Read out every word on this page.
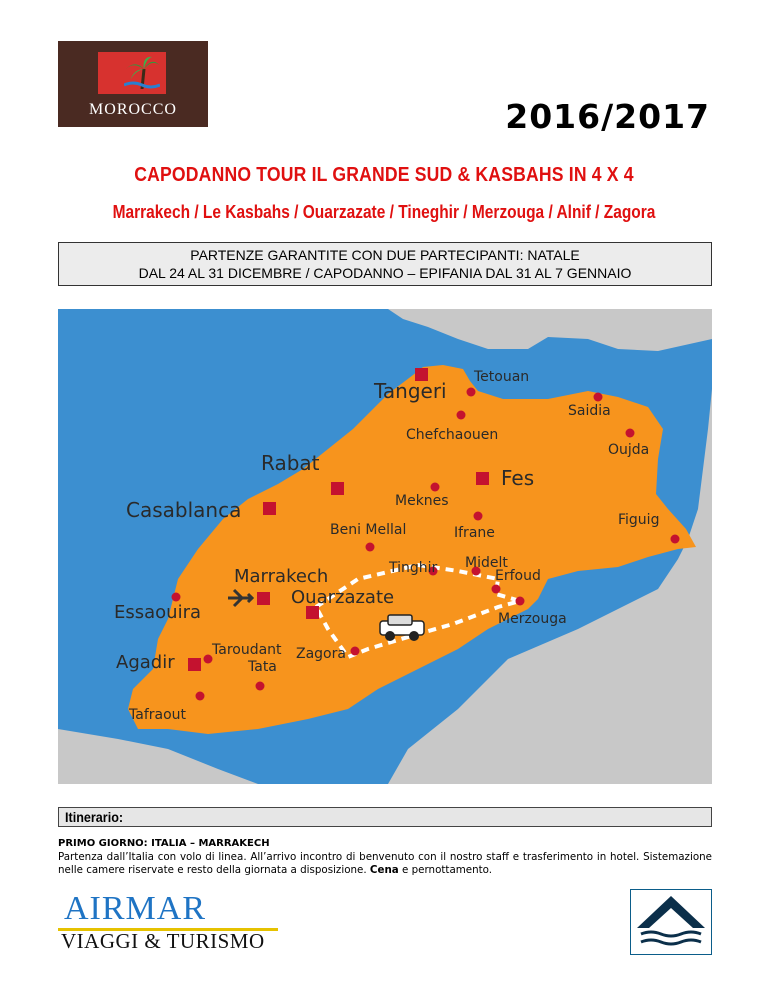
MOROCCO	2016/2017
CAPODANNO TOUR IL GRANDE SUD & KASBAHS IN 4 X 4
Marrakech / Le Kasbahs / Ouarzazate / Tineghir / Merzouga / Alnif / Zagora
PARTENZE GARANTITE CON DUE PARTECIPANTI: NATALE
DAL 24 AL 31 DICEMBRE / CAPODANNO – EPIFANIA DAL 31 AL 7 GENNAIO
Tetouan
Tangeri
Saidia
Chefchaouen
Oujda
Rabat
Fes
Meknes
Casablanca
Beni Mellal	Ifrane
Figuig
Tinghir Midelt
Erfoud
Marrakech
Ouarzazate
Essaouira	Merzouga
Taroudant
Agadir	Tata
Zagora
Tafraout
Itinerario:
PRIMO GIORNO: ITALIA – MARRAKECH
Partenza dall’Italia con volo di linea. All’arrivo incontro di benvenuto con il nostro staff e trasferimento in hotel. Sistemazione nelle camere riservate e resto della giornata a disposizione. Cena e pernottamento.
AIRMAR
VIAGGI & TURISMO
